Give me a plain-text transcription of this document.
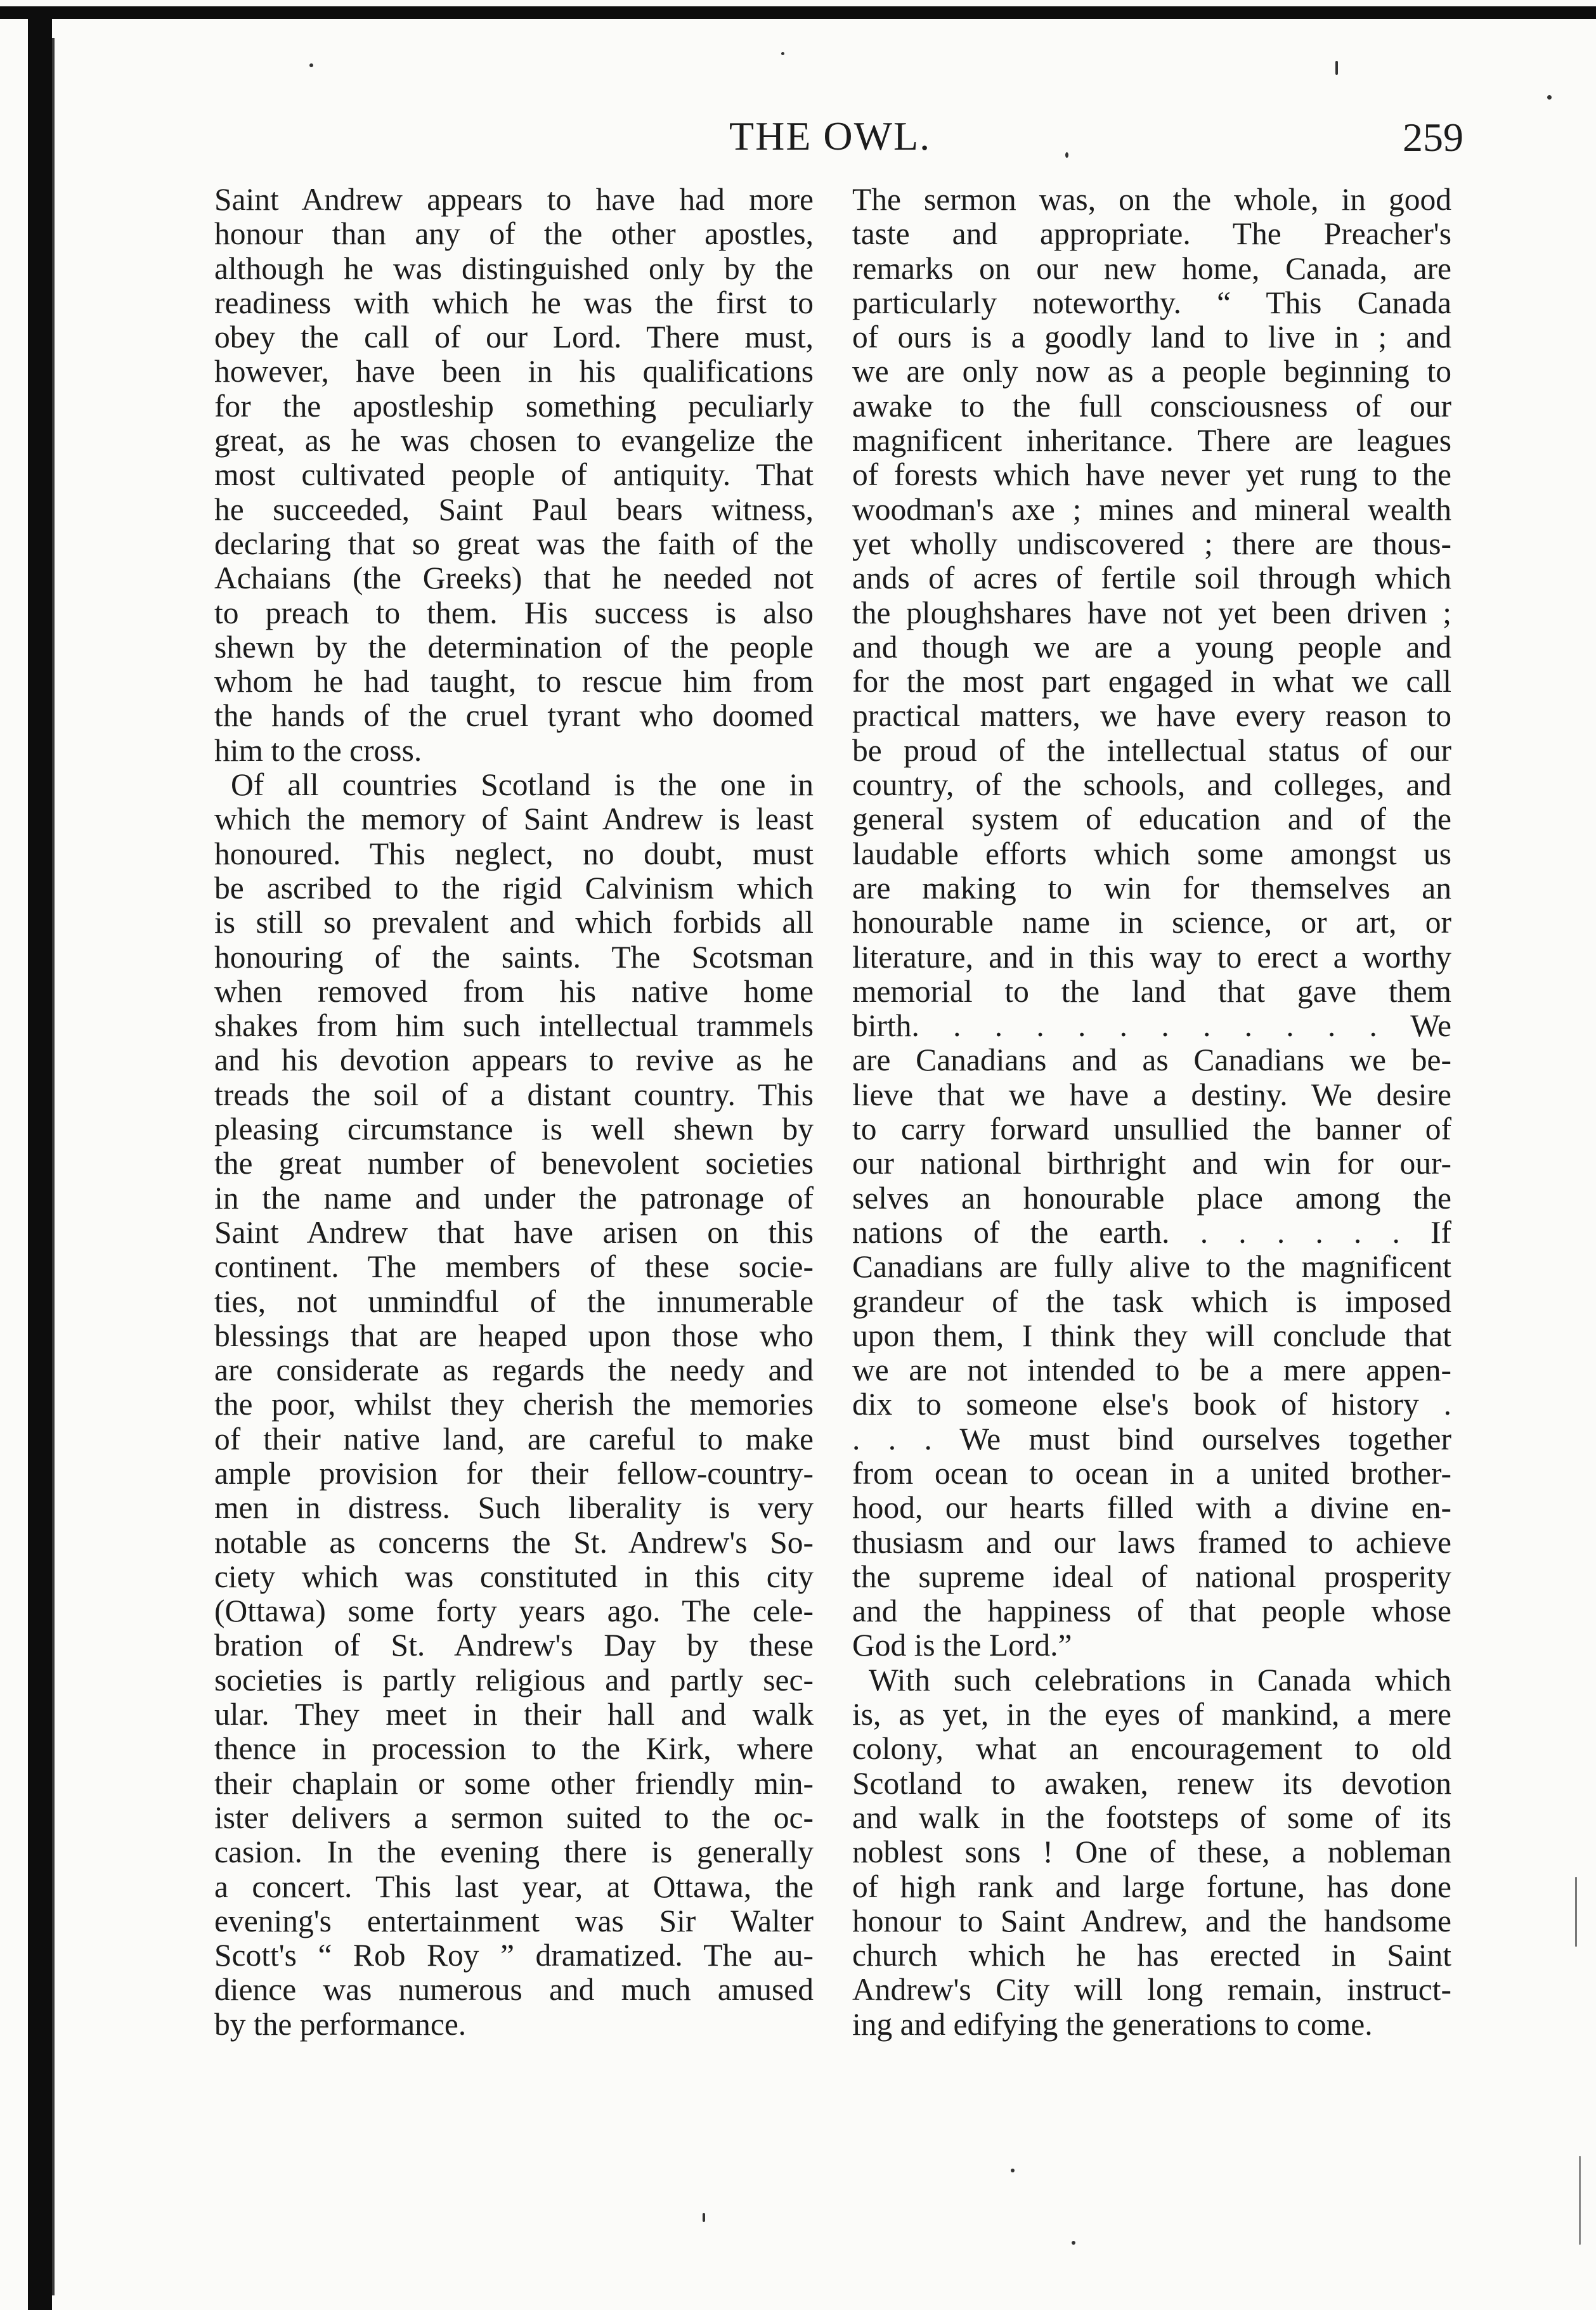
THE OWL.	259
Saint Andrew appears to have had more
honour than any of the other apostles,
although he was distinguished only by the
readiness with which he was the first to
obey the call of our Lord. There must,
however, have been in his qualifications
for the apostleship something peculiarly
great, as he was chosen to evangelize the
most cultivated people of antiquity. That
he succeeded, Saint Paul bears witness,
declaring that so great was the faith of the
Achaians (the Greeks) that he needed not
to preach to them. His success is also
shewn by the determination of the people
whom he had taught, to rescue him from
the hands of the cruel tyrant who doomed
him to the cross.
Of all countries Scotland is the one in
which the memory of Saint Andrew is least
honoured. This neglect, no doubt, must
be ascribed to the rigid Calvinism which
is still so prevalent and which forbids all
honouring of the saints. The Scotsman
when removed from his native home
shakes from him such intellectual trammels
and his devotion appears to revive as he
treads the soil of a distant country. This
pleasing circumstance is well shewn by
the great number of benevolent societies
in the name and under the patronage of
Saint Andrew that have arisen on this
continent. The members of these socie-
ties, not unmindful of the innumerable
blessings that are heaped upon those who
are considerate as regards the needy and
the poor, whilst they cherish the memories
of their native land, are careful to make
ample provision for their fellow-country-
men in distress. Such liberality is very
notable as concerns the St. Andrew's So-
ciety which was constituted in this city
(Ottawa) some forty years ago. The cele-
bration of St. Andrew's Day by these
societies is partly religious and partly sec-
ular. They meet in their hall and walk
thence in procession to the Kirk, where
their chaplain or some other friendly min-
ister delivers a sermon suited to the oc-
casion. In the evening there is generally
a concert. This last year, at Ottawa, the
evening's entertainment was Sir Walter
Scott's “ Rob Roy ” dramatized. The au-
dience was numerous and much amused
by the performance.
The sermon was, on the whole, in good
taste and appropriate. The Preacher's
remarks on our new home, Canada, are
particularly noteworthy. “ This Canada
of ours is a goodly land to live in ; and
we are only now as a people beginning to
awake to the full consciousness of our
magnificent inheritance. There are leagues
of forests which have never yet rung to the
woodman's axe ; mines and mineral wealth
yet wholly undiscovered ; there are thous-
ands of acres of fertile soil through which
the ploughshares have not yet been driven ;
and though we are a young people and
for the most part engaged in what we call
practical matters, we have every reason to
be proud of the intellectual status of our
country, of the schools, and colleges, and
general system of education and of the
laudable efforts which some amongst us
are making to win for themselves an
honourable name in science, or art, or
literature, and in this way to erect a worthy
memorial to the land that gave them
birth. . . . . . . . . . . . We
are Canadians and as Canadians we be-
lieve that we have a destiny. We desire
to carry forward unsullied the banner of
our national birthright and win for our-
selves an honourable place among the
nations of the earth. . . . . . . If
Canadians are fully alive to the magnificent
grandeur of the task which is imposed
upon them, I think they will conclude that
we are not intended to be a mere appen-
dix to someone else's book of history .
. . . We must bind ourselves together
from ocean to ocean in a united brother-
hood, our hearts filled with a divine en-
thusiasm and our laws framed to achieve
the supreme ideal of national prosperity
and the happiness of that people whose
God is the Lord.”
With such celebrations in Canada which
is, as yet, in the eyes of mankind, a mere
colony, what an encouragement to old
Scotland to awaken, renew its devotion
and walk in the footsteps of some of its
noblest sons ! One of these, a nobleman
of high rank and large fortune, has done
honour to Saint Andrew, and the handsome
church which he has erected in Saint
Andrew's City will long remain, instruct-
ing and edifying the generations to come.
